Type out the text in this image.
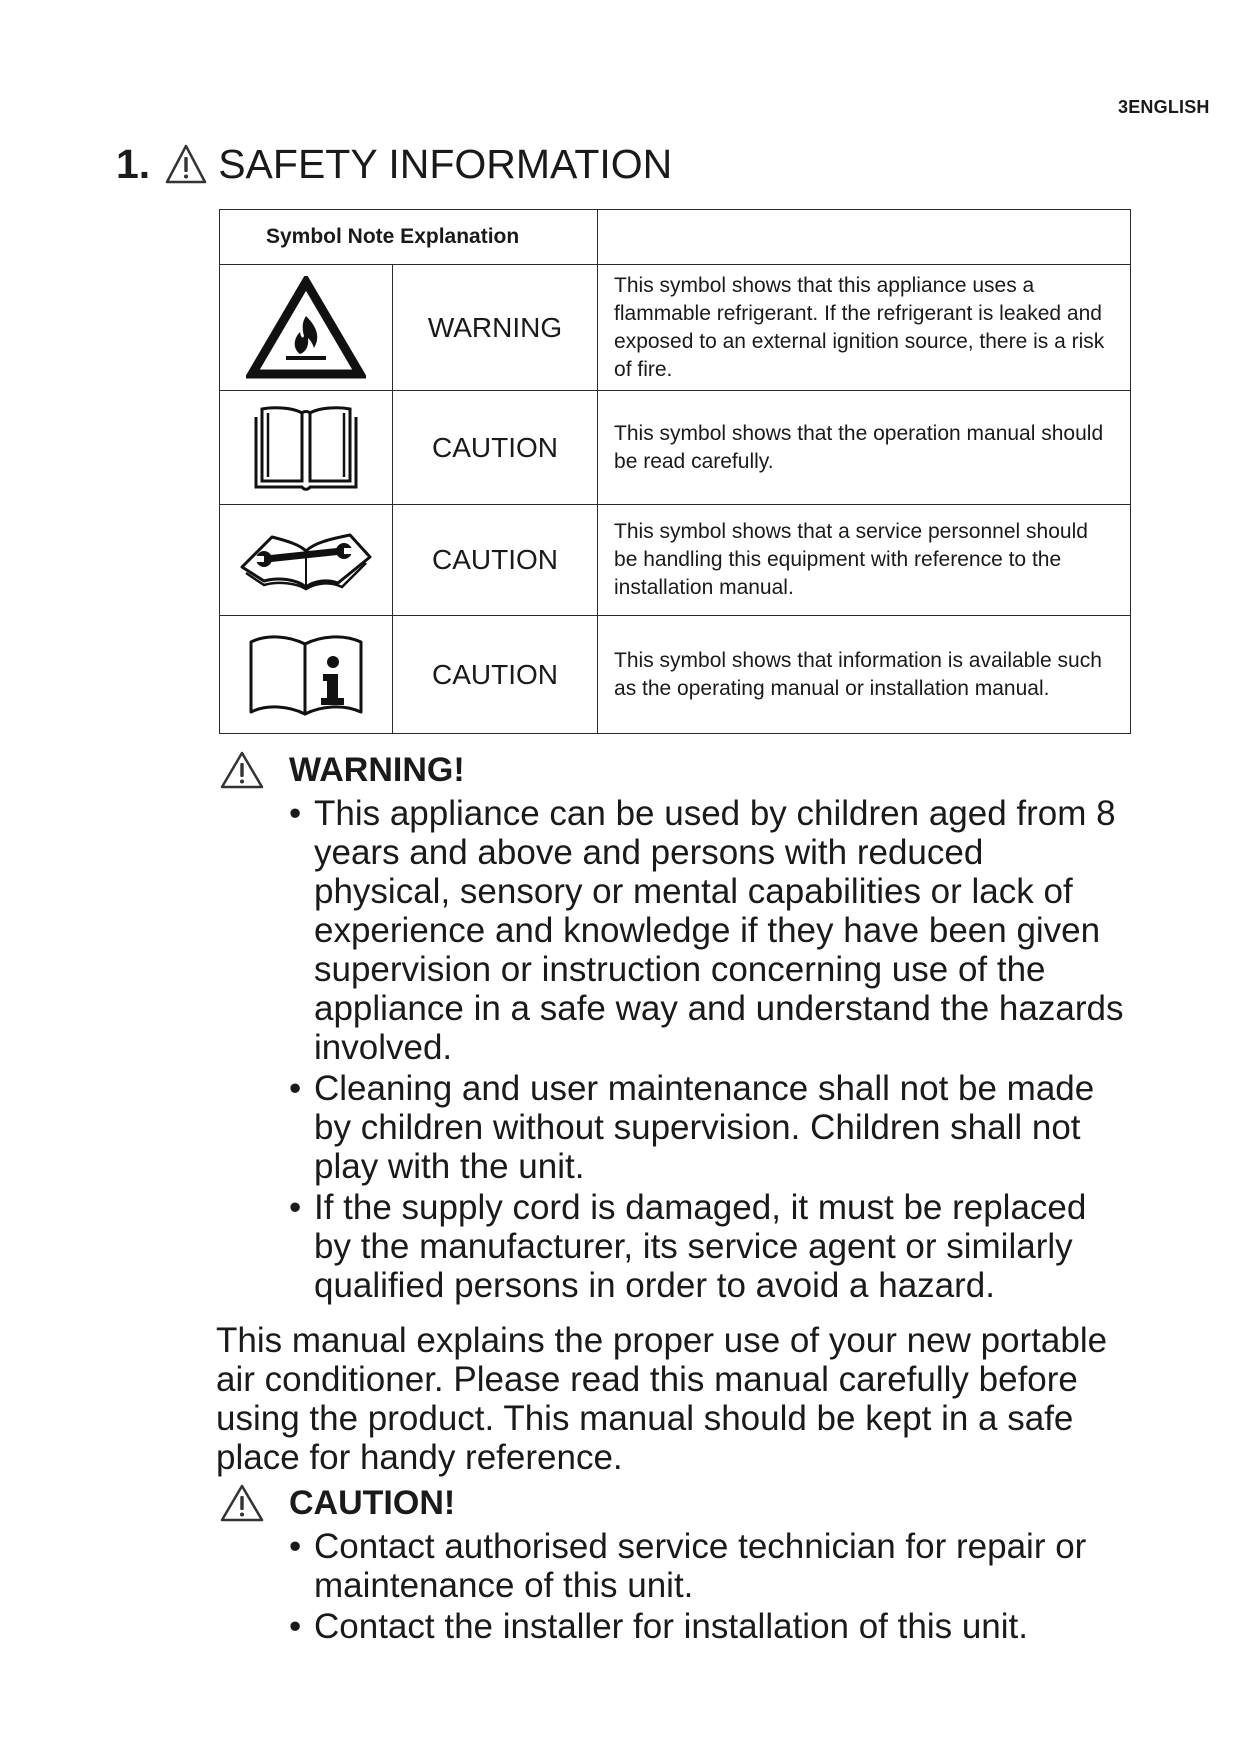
3ENGLISH
1. SAFETY INFORMATION
Symbol Note Explanation		

	WARNING	This symbol shows that this appliance uses a flammable refrigerant. If the refrigerant is leaked and exposed to an external ignition source, there is a risk of fire.

	CAUTION	This symbol shows that the operation manual should be read carefully.

	CAUTION	This symbol shows that a service personnel should be handling this equipment with reference to the installation manual.

	CAUTION	This symbol shows that information is available such as the operating manual or installation manual.
WARNING!
• This appliance can be used by children aged from 8 years and above and persons with reduced physical, sensory or mental capabilities or lack of experience and knowledge if they have been given supervision or instruction concerning use of the appliance in a safe way and understand the hazards involved.
• Cleaning and user maintenance shall not be made by children without supervision. Children shall not play with the unit.
• If the supply cord is damaged, it must be replaced by the manufacturer, its service agent or similarly qualified persons in order to avoid a hazard.
This manual explains the proper use of your new portable air conditioner. Please read this manual carefully before using the product. This manual should be kept in a safe place for handy reference.
CAUTION!
• Contact authorised service technician for repair or maintenance of this unit.
• Contact the installer for installation of this unit.
